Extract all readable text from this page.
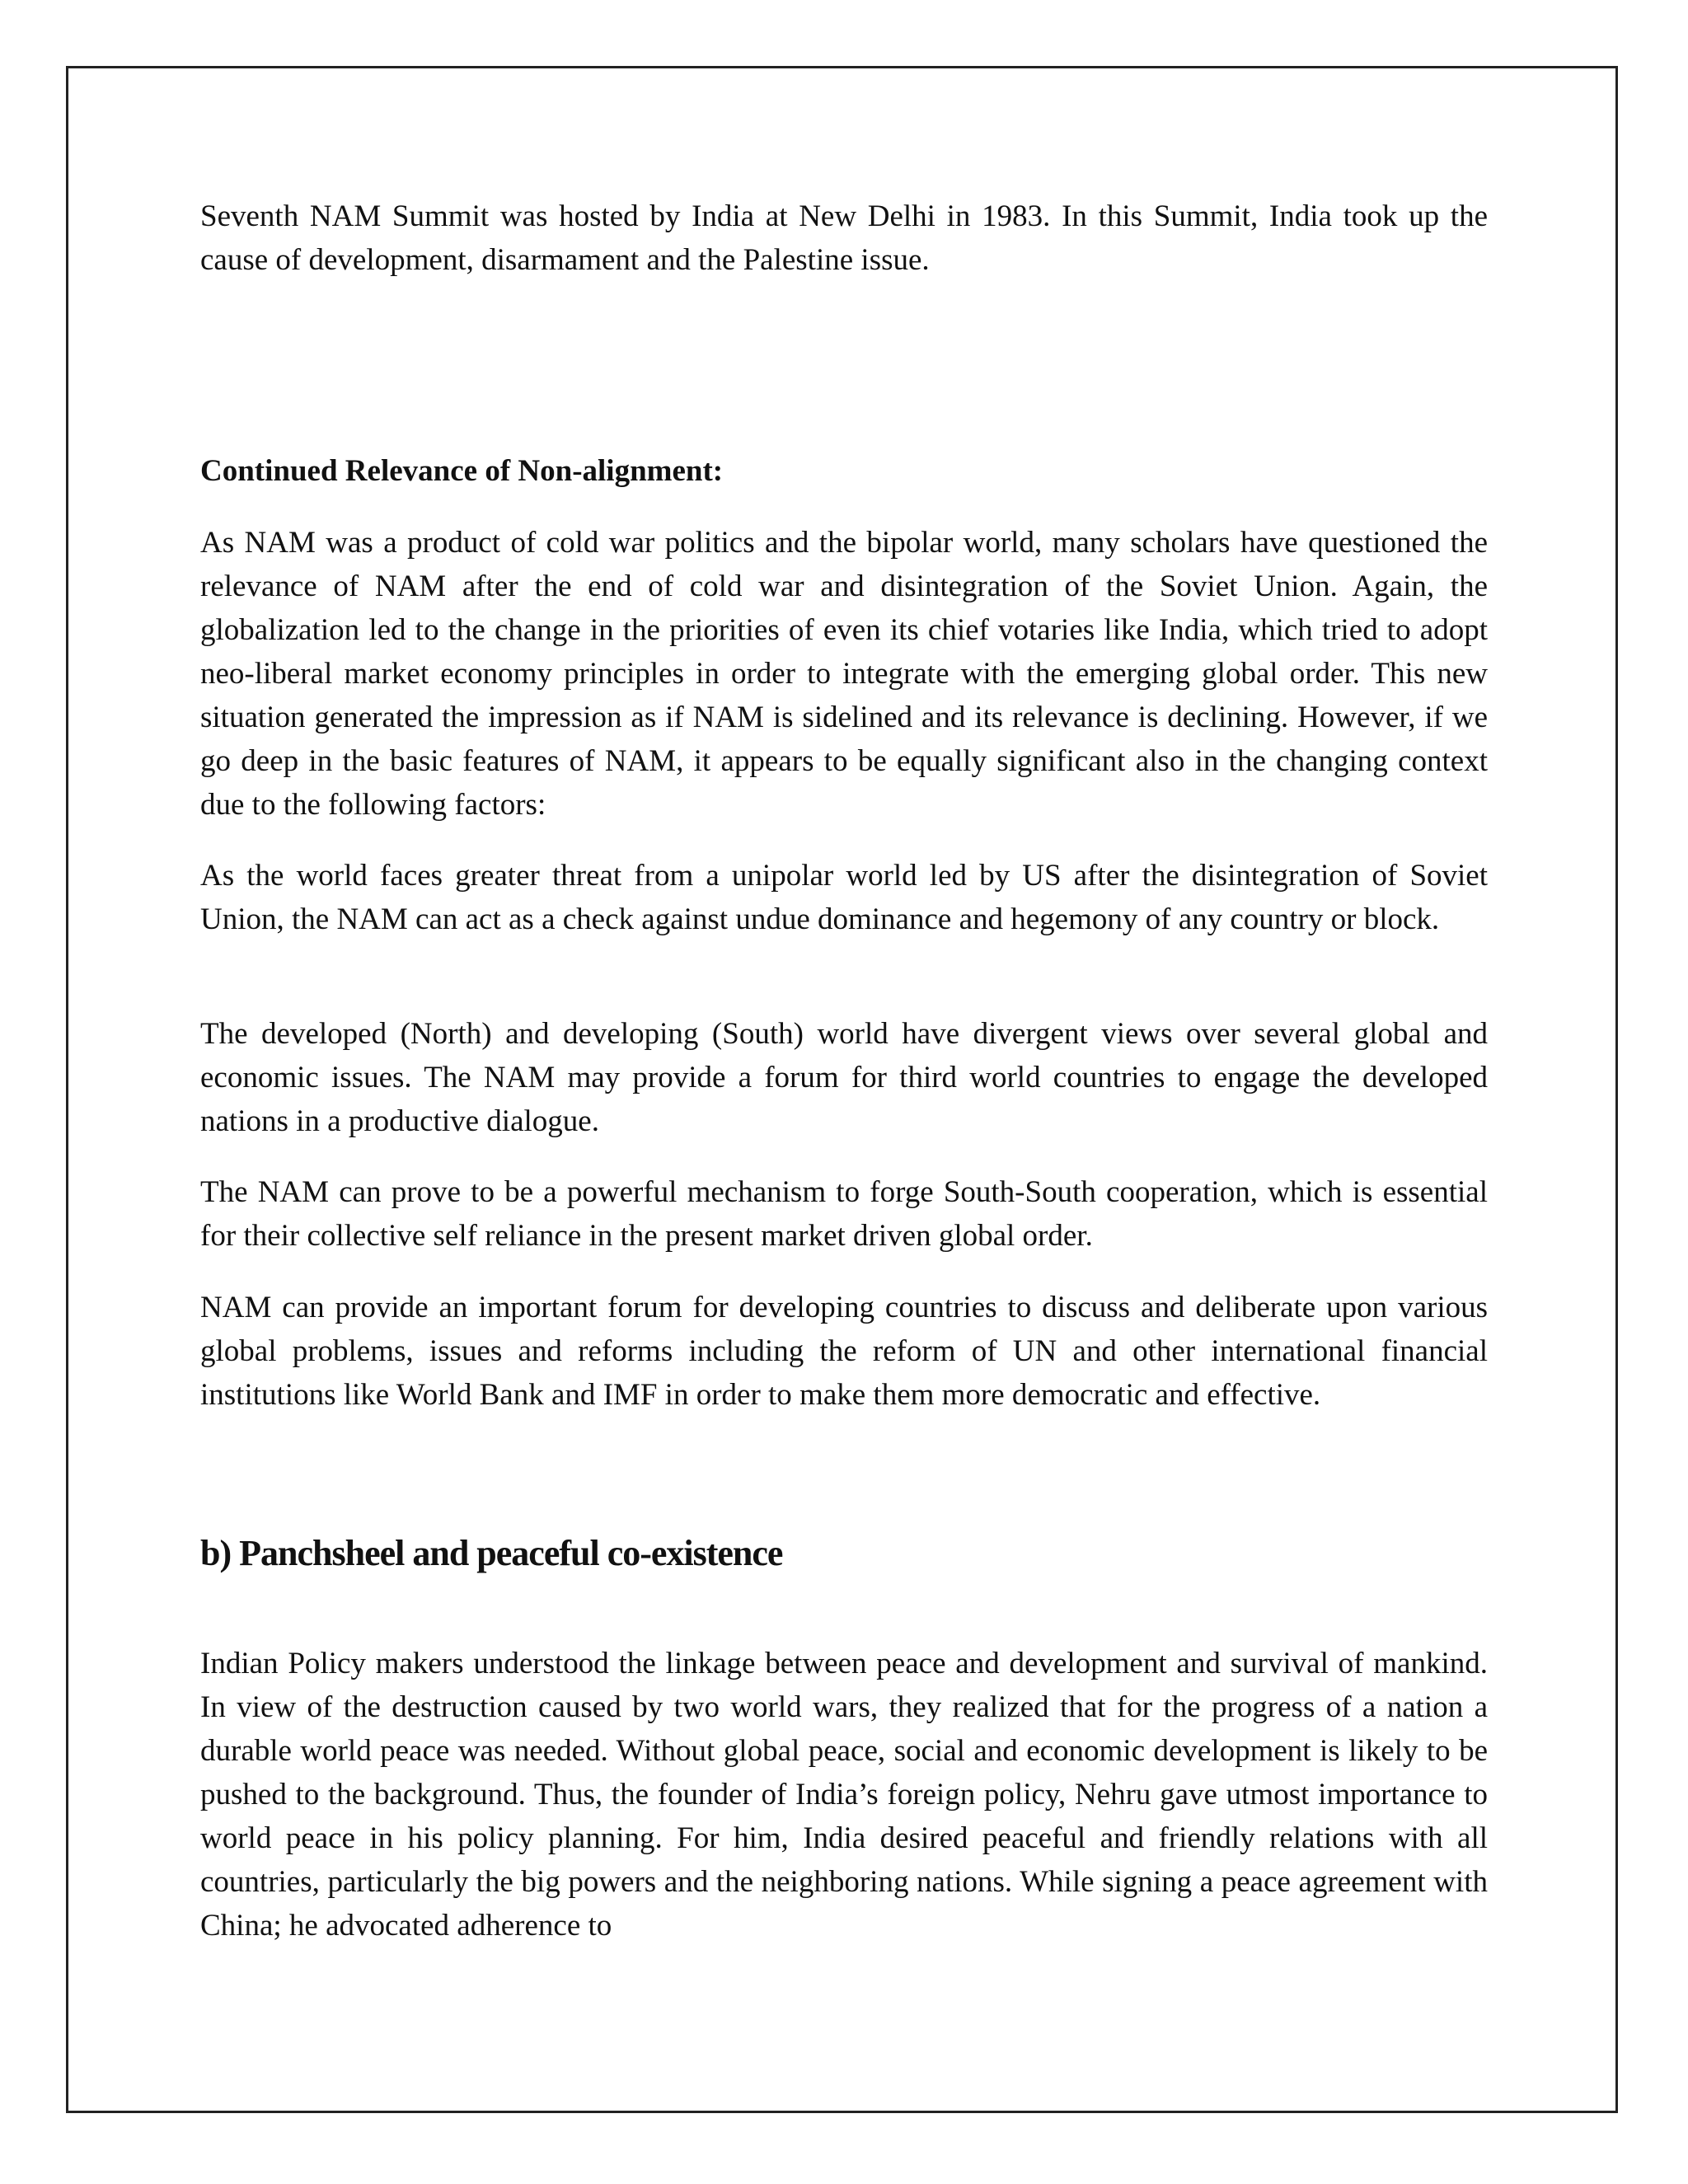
Seventh NAM Summit was hosted by India at New Delhi in 1983. In this Summit, India took up the cause of development, disarmament and the Palestine issue.

Continued Relevance of Non-alignment:

As NAM was a product of cold war politics and the bipolar world, many scholars have questioned the relevance of NAM after the end of cold war and disintegration of the Soviet Union. Again, the globalization led to the change in the priorities of even its chief votaries like India, which tried to adopt neo-liberal market economy principles in order to integrate with the emerging global order. This new situation generated the impression as if NAM is sidelined and its relevance is declining. However, if we go deep in the basic features of NAM, it appears to be equally significant also in the changing context due to the following factors:

As the world faces greater threat from a unipolar world led by US after the disintegration of Soviet Union, the NAM can act as a check against undue dominance and hegemony of any country or block.

The developed (North) and developing (South) world have divergent views over several global and economic issues. The NAM may provide a forum for third world countries to engage the developed nations in a productive dialogue.

The NAM can prove to be a powerful mechanism to forge South-South cooperation, which is essential for their collective self reliance in the present market driven global order.

NAM can provide an important forum for developing countries to discuss and deliberate upon various global problems, issues and reforms including the reform of UN and other international financial institutions like World Bank and IMF in order to make them more democratic and effective.

b) Panchsheel and peaceful co-existence

Indian Policy makers understood the linkage between peace and development and survival of mankind. In view of the destruction caused by two world wars, they realized that for the progress of a nation a durable world peace was needed. Without global peace, social and economic development is likely to be pushed to the background. Thus, the founder of India’s foreign policy, Nehru gave utmost importance to world peace in his policy planning. For him, India desired peaceful and friendly relations with all countries, particularly the big powers and the neighboring nations. While signing a peace agreement with China; he advocated adherence to
